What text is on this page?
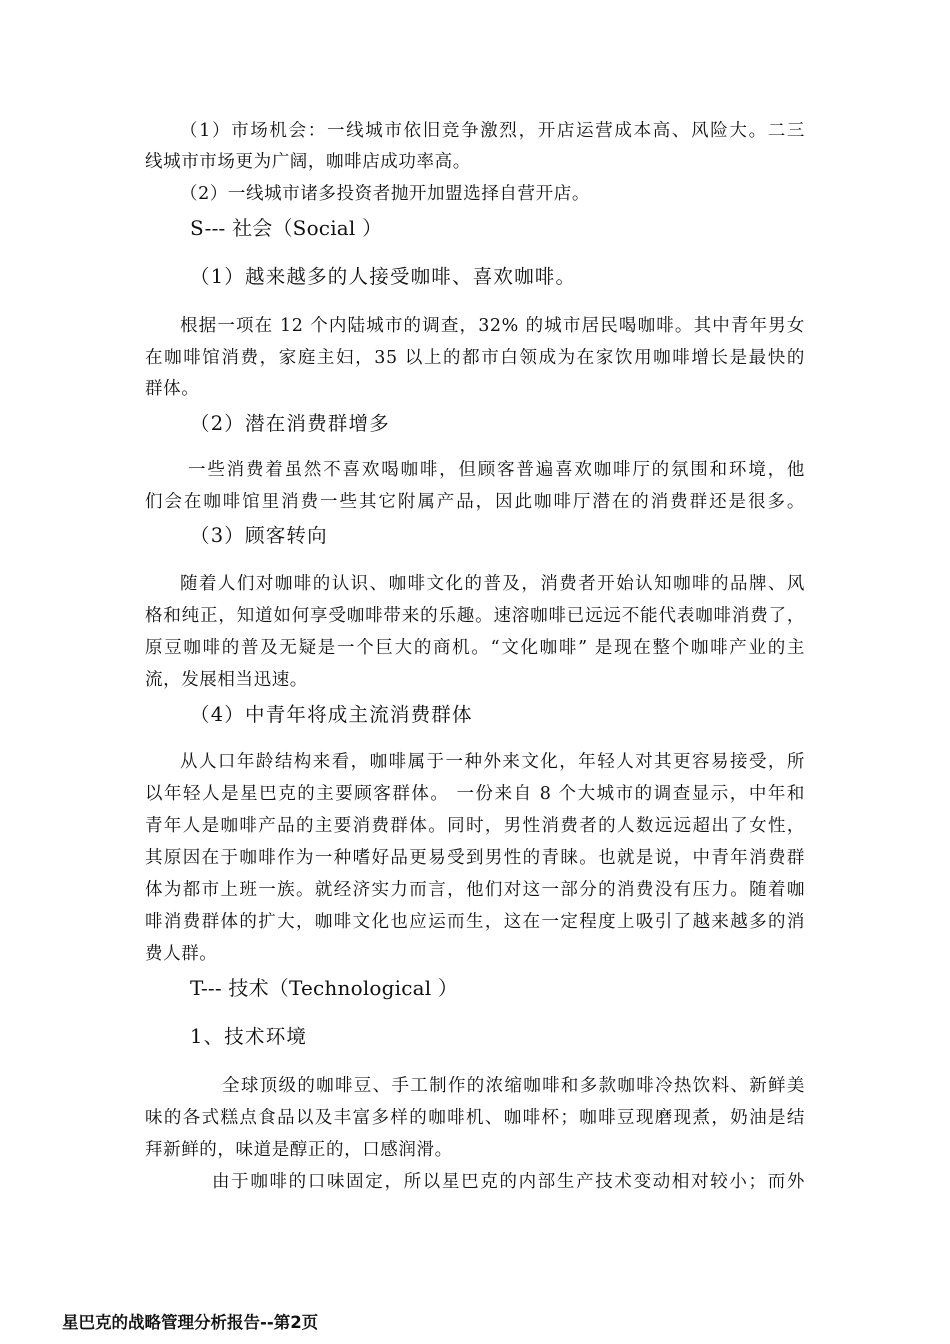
（1）市场机会：一线城市依旧竞争激烈，开店运营成本高、风险大。二三

线城市市场更为广阔，咖啡店成功率高。

（2）一线城市诸多投资者抛开加盟选择自营开店。

S--- 社会（Social ）

（1）越来越多的人接受咖啡、喜欢咖啡。

根据一项在 12 个内陆城市的调查，32% 的城市居民喝咖啡。其中青年男女

在咖啡馆消费，家庭主妇，35 以上的都市白领成为在家饮用咖啡增长是最快的

群体。

（2）潜在消费群增多

一些消费着虽然不喜欢喝咖啡，但顾客普遍喜欢咖啡厅的氛围和环境，他

们会在咖啡馆里消费一些其它附属产品，因此咖啡厅潜在的消费群还是很多。

（3）顾客转向

随着人们对咖啡的认识、咖啡文化的普及，消费者开始认知咖啡的品牌、风

格和纯正，知道如何享受咖啡带来的乐趣。速溶咖啡已远远不能代表咖啡消费了，

原豆咖啡的普及无疑是一个巨大的商机。“文化咖啡” 是现在整个咖啡产业的主

流，发展相当迅速。

（4）中青年将成主流消费群体

从人口年龄结构来看，咖啡属于一种外来文化，年轻人对其更容易接受，所

以年轻人是星巴克的主要顾客群体。 一份来自 8 个大城市的调查显示，中年和

青年人是咖啡产品的主要消费群体。同时，男性消费者的人数远远超出了女性，

其原因在于咖啡作为一种嗜好品更易受到男性的青睐。也就是说，中青年消费群

体为都市上班一族。就经济实力而言，他们对这一部分的消费没有压力。随着咖

啡消费群体的扩大，咖啡文化也应运而生，这在一定程度上吸引了越来越多的消

费人群。

T--- 技术（Technological ）

1、技术环境

全球顶级的咖啡豆、手工制作的浓缩咖啡和多款咖啡冷热饮料、新鲜美

味的各式糕点食品以及丰富多样的咖啡机、咖啡杯；咖啡豆现磨现煮，奶油是结

拜新鲜的，味道是醇正的，口感润滑。

由于咖啡的口味固定，所以星巴克的内部生产技术变动相对较小；而外

星巴克的战略管理分析报告--第2页
